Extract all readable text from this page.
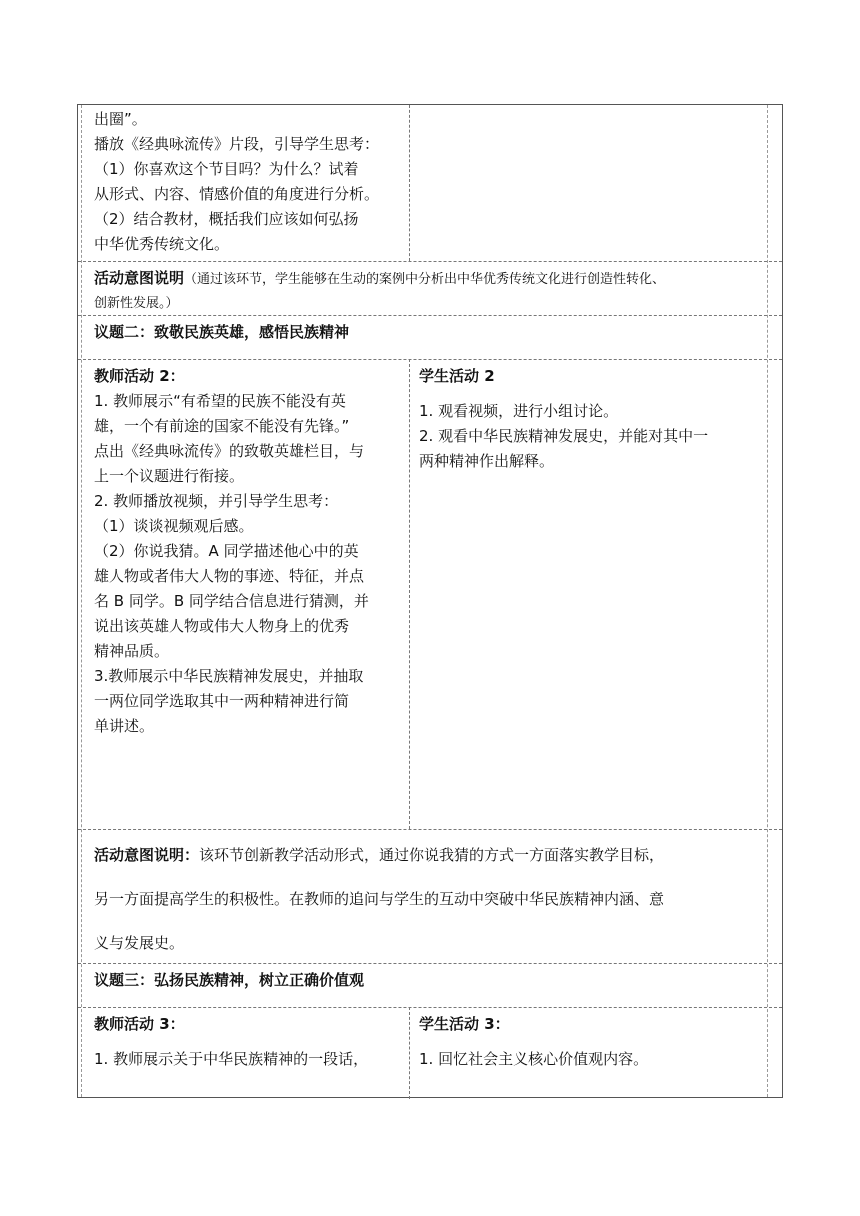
出圈”。
播放《经典咏流传》片段，引导学生思考：
（1）你喜欢这个节目吗？为什么？试着
从形式、内容、情感价值的角度进行分析。
（2）结合教材，概括我们应该如何弘扬
中华优秀传统文化。
活动意图说明（通过该环节，学生能够在生动的案例中分析出中华优秀传统文化进行创造性转化、
创新性发展。）
议题二：致敬民族英雄，感悟民族精神
教师活动 2：
1. 教师展示“有希望的民族不能没有英
雄，一个有前途的国家不能没有先锋。”
点出《经典咏流传》的致敬英雄栏目，与
上一个议题进行衔接。
2. 教师播放视频，并引导学生思考：
（1）谈谈视频观后感。
（2）你说我猜。A 同学描述他心中的英
雄人物或者伟大人物的事迹、特征，并点
名 B 同学。B 同学结合信息进行猜测，并
说出该英雄人物或伟大人物身上的优秀
精神品质。
3.教师展示中华民族精神发展史，并抽取
一两位同学选取其中一两种精神进行简
单讲述。
学生活动 2
1. 观看视频，进行小组讨论。
2. 观看中华民族精神发展史，并能对其中一
两种精神作出解释。
活动意图说明：该环节创新教学活动形式，通过你说我猜的方式一方面落实教学目标，
另一方面提高学生的积极性。在教师的追问与学生的互动中突破中华民族精神内涵、意
义与发展史。
议题三：弘扬民族精神，树立正确价值观
教师活动 3：
1. 教师展示关于中华民族精神的一段话，
学生活动 3：
1. 回忆社会主义核心价值观内容。
